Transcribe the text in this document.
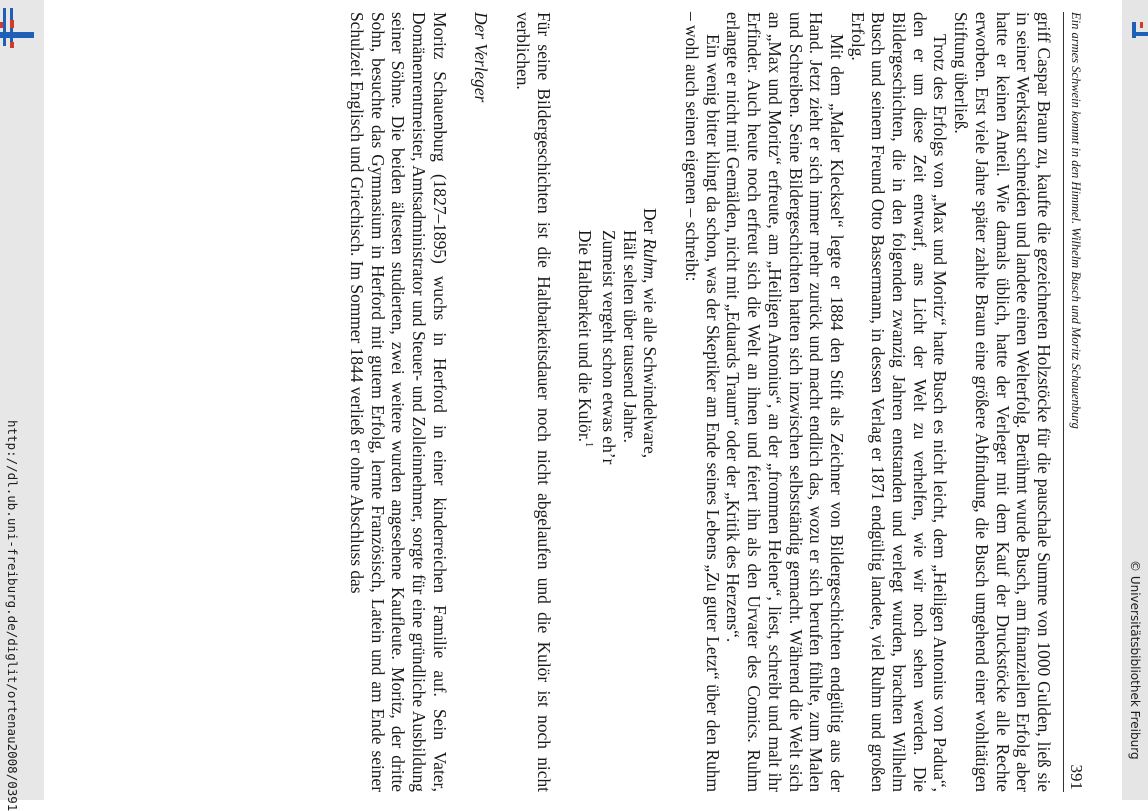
http://dl.ub.uni-freiburg.de/diglit/ortenau2008/0391	© Universitätsbibliothek Freiburg
Ein armes Schwein kommt in den Himmel. Wilhelm Busch und Moritz Schauenburg
391

griff Caspar Braun zu, kaufte die gezeichneten Holzstöcke für die pauschale Summe von 1000 Gulden, ließ sie in seiner Werkstatt schneiden und landete einen Welterfolg. Berühmt wurde Busch, am finanziellen Erfolg aber hatte er keinen Anteil. Wie damals üblich, hatte der Verleger mit dem Kauf der Druckstöcke alle Rechte erworben. Erst viele Jahre später zahlte Braun eine größere Abfindung, die Busch umgehend einer wohltätigen Stiftung überließ.

Trotz des Erfolgs von „Max und Moritz“ hatte Busch es nicht leicht, dem „Heiligen Antonius von Padua“, den er um diese Zeit entwarf, ans Licht der Welt zu verhelfen, wie wir noch sehen werden. Die Bildergeschichten, die in den folgenden zwanzig Jahren entstanden und verlegt wurden, brachten Wilhelm Busch und seinem Freund Otto Bassermann, in dessen Verlag er 1871 endgültig landete, viel Ruhm und großen Erfolg.

Mit dem „Maler Klecksel“ legte er 1884 den Stift als Zeichner von Bildergeschichten endgültig aus der Hand. Jetzt zieht er sich immer mehr zurück und macht endlich das, wozu er sich berufen fühlte, zum Malen und Schreiben. Seine Bildergeschichten hatten sich inzwischen selbstständig gemacht. Während die Welt sich an „Max und Moritz“ erfreute, am „Heiligen Antonius“, an der „frommen Helene“, liest, schreibt und malt ihr Erfinder. Auch heute noch erfreut sich die Welt an ihnen und feiert ihn als den Urvater des Comics. Ruhm erlangte er nicht mit Gemälden, nicht mit „Eduards Traum“ oder der „Kritik des Herzens“.

Ein wenig bitter klingt da schon, was der Skeptiker am Ende seines Lebens „Zu guter Letzt“ über den Ruhm – wohl auch seinen eigenen – schreibt:

Der Ruhm, wie alle Schwindelware,
Hält selten über tausend Jahre.
Zumeist vergeht schon etwas eh’r
Die Haltbarkeit und die Kulör.$^1$

Für seine Bildergeschichten ist die Haltbarkeitsdauer noch nicht abgelaufen und die Kulör ist noch nicht verblichen.

Der Verleger

Moritz Schauenburg (1827–1895) wuchs in Herford in einer kinderreichen Familie auf. Sein Vater, Domänenrentmeister, Amtsadministrator und Steuer- und Zolleinnehmer, sorgte für eine gründliche Ausbildung seiner Söhne. Die beiden ältesten studierten, zwei weitere wurden angesehene Kaufleute. Moritz, der dritte Sohn, besuchte das Gymnasium in Herford mit gutem Erfolg, lernte Französisch, Latein und am Ende seiner Schulzeit Englisch und Griechisch. Im Sommer 1844 verließ er ohne Abschluss das
